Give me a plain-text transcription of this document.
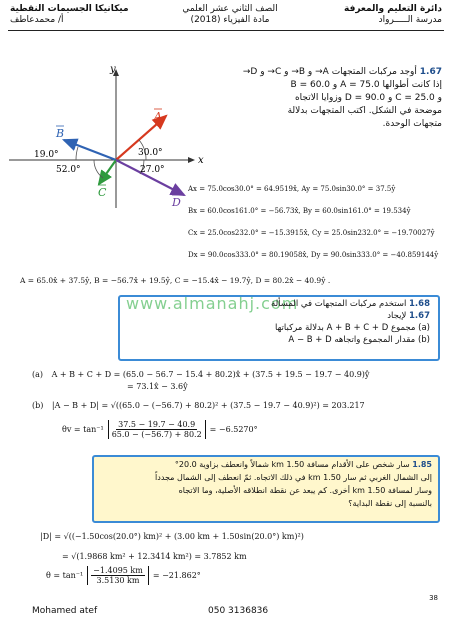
ميكانيكا الجسيمات النقطية
أ/ محمدعاطف
الصف الثاني عشر العلمي
مادة الفيزياء (2018)
دائرة التعليم والمعرفة
مدرسة الـــــرواد
x
y
A
B
C
D
30.0°
27.0°
19.0°
52.0°
1.67 أوجد مركبات المتجهات A→ و B→ و C→ و D→
إذا كانت أطوالها A = 75.0 و B = 60.0
و C = 25.0 و D = 90.0 وزوايا الاتجاه
موضحة في الشكل. اكتب المتجهات بدلالة
متجهات الوحدة.
Ax = 75.0cos30.0° = 64.9519x̂, Ay = 75.0sin30.0° = 37.5ŷ
Bx = 60.0cos161.0° = −56.73x̂, By = 60.0sin161.0° = 19.534ŷ
Cx = 25.0cos232.0° = −15.3915x̂, Cy = 25.0sin232.0° = −19.70027ŷ
Dx = 90.0cos333.0° = 80.19058x̂, Dy = 90.0sin333.0° = −40.859144ŷ
A = 65.0x̂ + 37.5ŷ, B = −56.7x̂ + 19.5ŷ, C = −15.4x̂ − 19.7ŷ, D = 80.2x̂ − 40.9ŷ .
www.almanahj.com	1.68 استخدم مركبات المتجهات في المسألة
1.67 لإيجاد
(a) مجموع A + B + C + D بدلالة مركباتها
(b) مقدار المجموع واتجاهه A − B + D
(a) A + B + C + D = (65.0 − 56.7 − 15.4 + 80.2)x̂ + (37.5 + 19.5 − 19.7 − 40.9)ŷ
= 73.1x̂ − 3.6ŷ
(b) |A − B + D| = √((65.0 − (−56.7) + 80.2)² + (37.5 − 19.7 − 40.9)²) = 203.217
$\theta v = \tan^{-1} \frac{37.5 - 19.7 - 40.9}{65.0 - (-56.7) + 80.2} = -6.5270^\circ$
1.85 سار شخص على الأقدام مسافة 1.50 km شمالاً وانعطف بزاوية 20.0°
إلى الشمال الغربي ثم سار 1.50 km في ذلك الاتجاه. ثمّ انعطف إلى الشمال مجدداً
وسار لمسافة 1.50 km أخرى. كم يبعد عن نقطة انطلاقه الأصلية، وما الاتجاه
بالنسبة إلى نقطة البداية؟
|D| = √((−1.50cos(20.0°) km)² + (3.00 km + 1.50sin(20.0°) km)²)
= √(1.9868 km² + 12.3414 km²) = 3.7852 km
$\theta = \tan^{-1} \frac{-1.4095 km}{3.5130 km} = -21.862^\circ$
38
Mohamed atef	050 3136836
